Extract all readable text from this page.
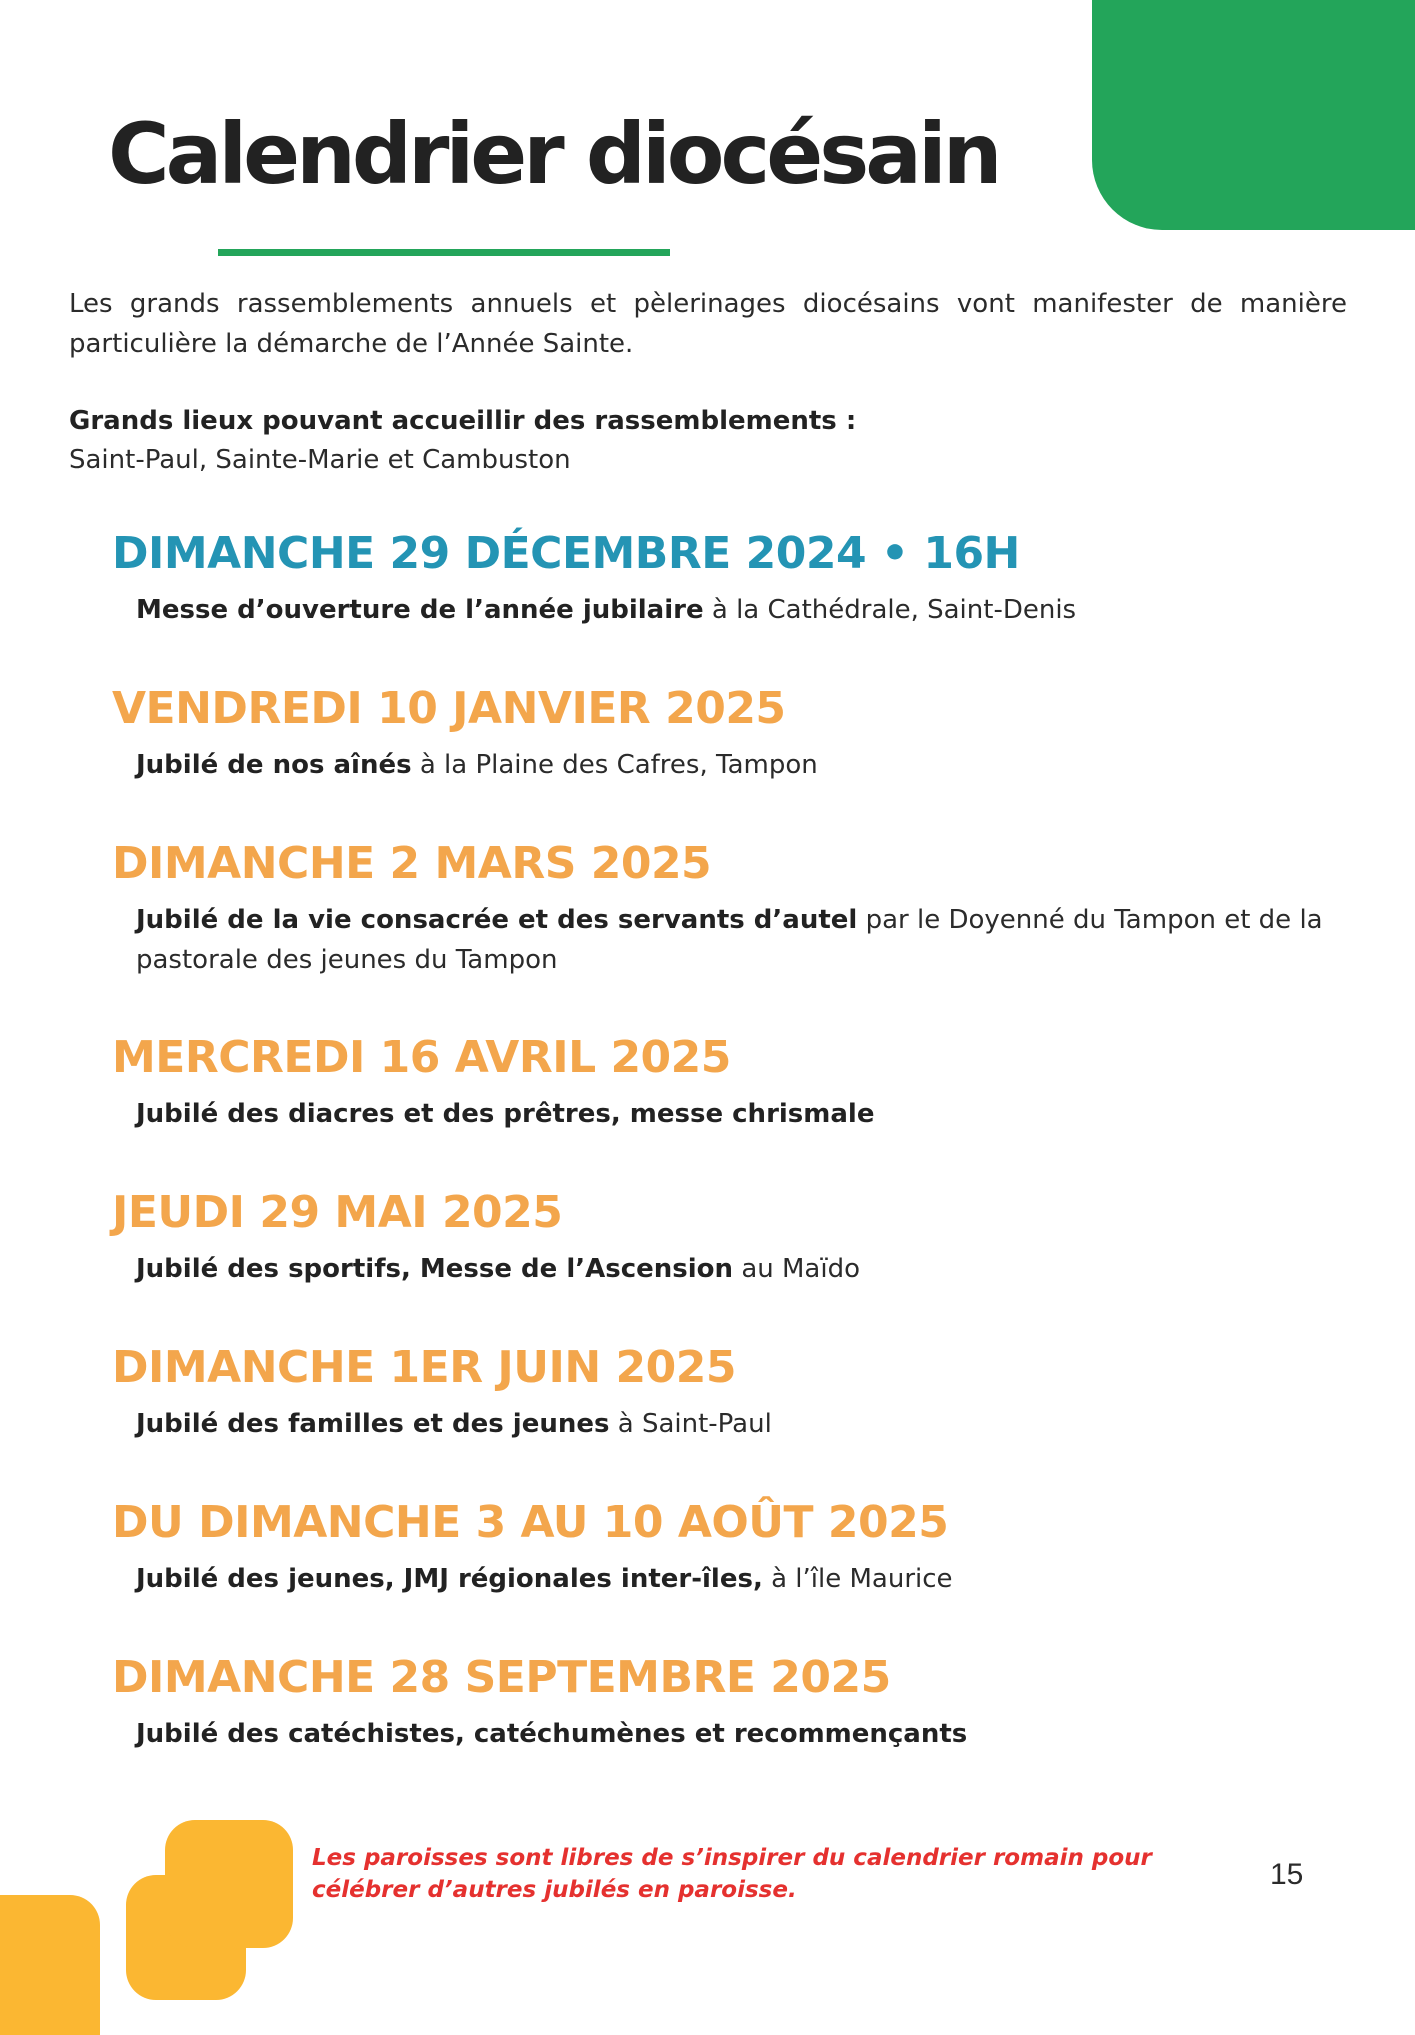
Calendrier diocésain

Les grands rassemblements annuels et pèlerinages diocésains vont manifester de manière particulière la démarche de l’Année Sainte.

Grands lieux pouvant accueillir des rassemblements :

Saint-Paul, Sainte-Marie et Cambuston

DIMANCHE 29 DÉCEMBRE 2024 • 16H

Messe d’ouverture de l’année jubilaire à la Cathédrale, Saint-Denis

VENDREDI 10 JANVIER 2025

Jubilé de nos aînés à la Plaine des Cafres, Tampon

DIMANCHE 2 MARS 2025

Jubilé de la vie consacrée et des servants d’autel par le Doyenné du Tampon et de la pastorale des jeunes du Tampon

MERCREDI 16 AVRIL 2025

Jubilé des diacres et des prêtres, messe chrismale

JEUDI 29 MAI 2025

Jubilé des sportifs, Messe de l’Ascension au Maïdo

DIMANCHE 1ER JUIN 2025

Jubilé des familles et des jeunes à Saint-Paul

DU DIMANCHE 3 AU 10 AOÛT 2025

Jubilé des jeunes, JMJ régionales inter-îles, à l’île Maurice

DIMANCHE 28 SEPTEMBRE 2025

Jubilé des catéchistes, catéchumènes et recommençants

Les paroisses sont libres de s’inspirer du calendrier romain pour célébrer d’autres jubilés en paroisse.	15
